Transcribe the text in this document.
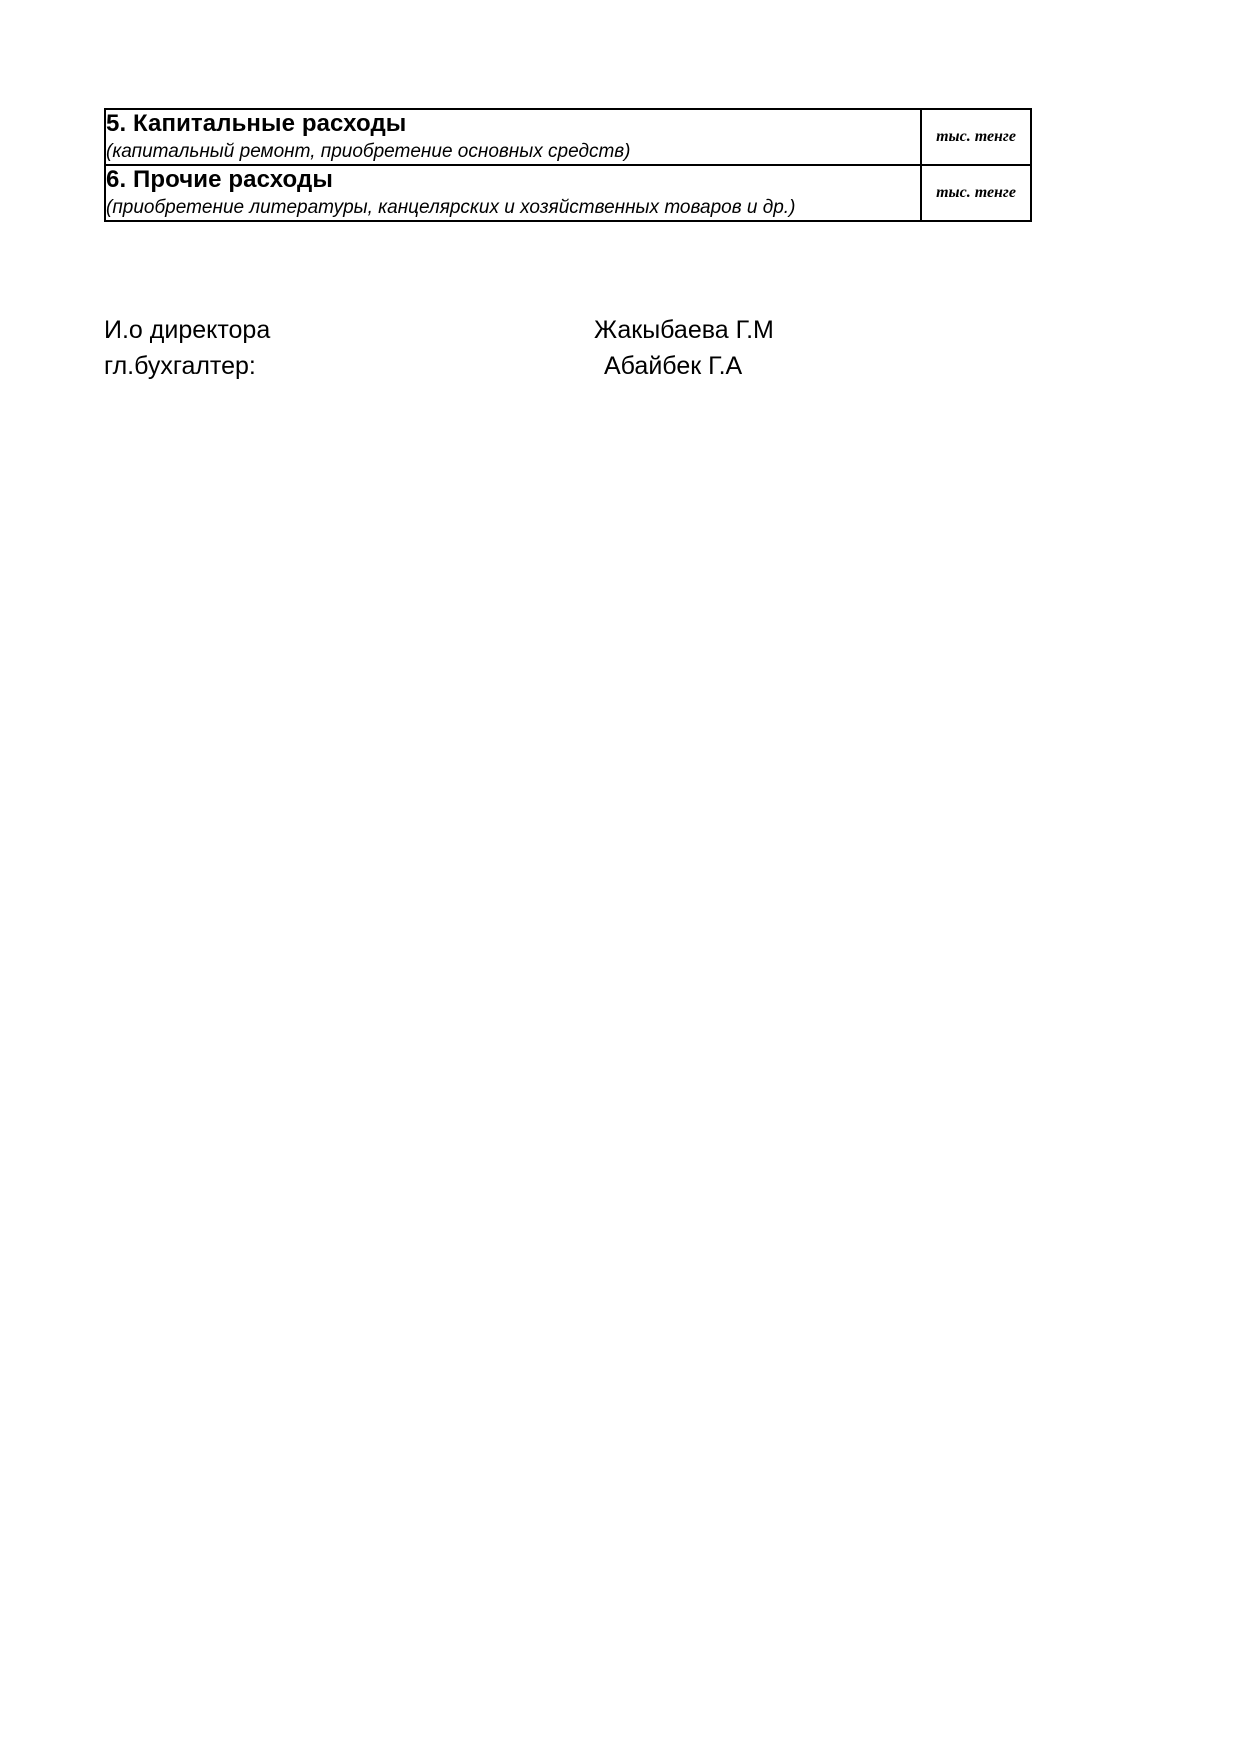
5. Капитальные расходы
(капитальный ремонт, приобретение основных средств)	тыс. тенге

6. Прочие расходы
(приобретение литературы, канцелярских и хозяйственных товаров и др.)	тыс. тенге
И.о директора	Жакыбаева Г.М
гл.бухгалтер:	Абайбек Г.А
